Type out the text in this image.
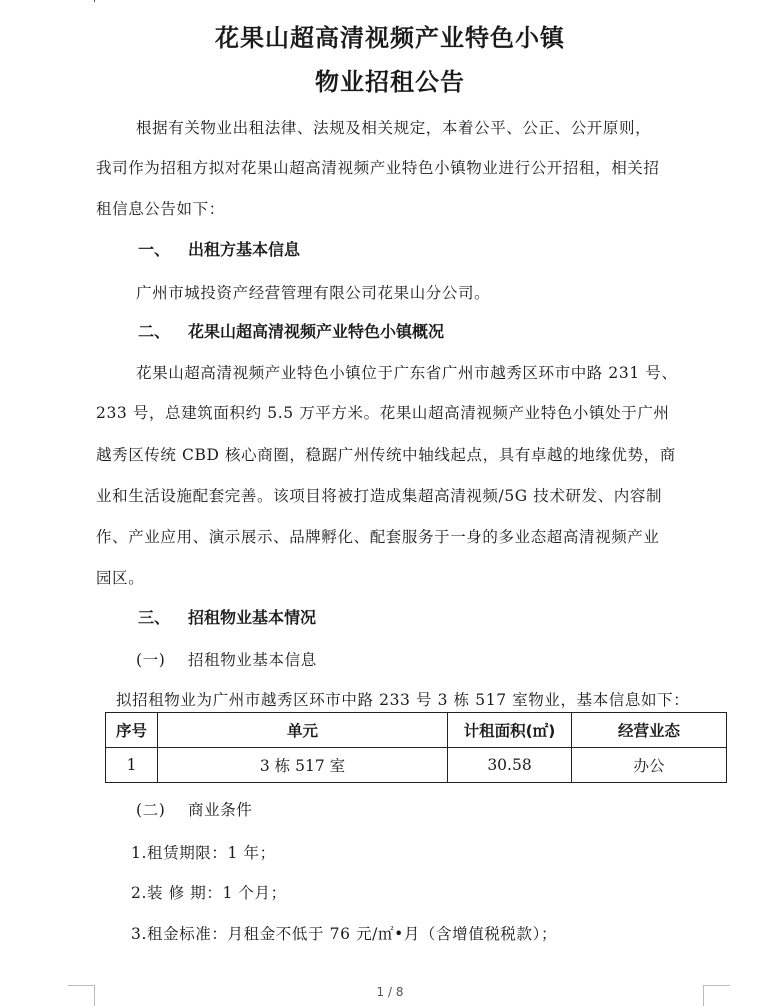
花果山超高清视频产业特色小镇
物业招租公告
根据有关物业出租法律、法规及相关规定，本着公平、公正、公开原则，
我司作为招租方拟对花果山超高清视频产业特色小镇物业进行公开招租，相关招
租信息公告如下：
一、 出租方基本信息
广州市城投资产经营管理有限公司花果山分公司。
二、 花果山超高清视频产业特色小镇概况
花果山超高清视频产业特色小镇位于广东省广州市越秀区环市中路 231 号、
233 号，总建筑面积约 5.5 万平方米。花果山超高清视频产业特色小镇处于广州
越秀区传统 CBD 核心商圈，稳踞广州传统中轴线起点，具有卓越的地缘优势，商
业和生活设施配套完善。该项目将被打造成集超高清视频/5G 技术研发、内容制
作、产业应用、演示展示、品牌孵化、配套服务于一身的多业态超高清视频产业
园区。
三、 招租物业基本情况
(一) 招租物业基本信息
拟招租物业为广州市越秀区环市中路 233 号 3 栋 517 室物业，基本信息如下：
序号	单元	计租面积(㎡)	经营业态
1	3 栋 517 室	30.58	办公
(二) 商业条件
1.租赁期限：1 年；
2.装 修 期：1 个月；
3.租金标准：月租金不低于 76 元/㎡•月（含增值税税款）；
1 / 8
